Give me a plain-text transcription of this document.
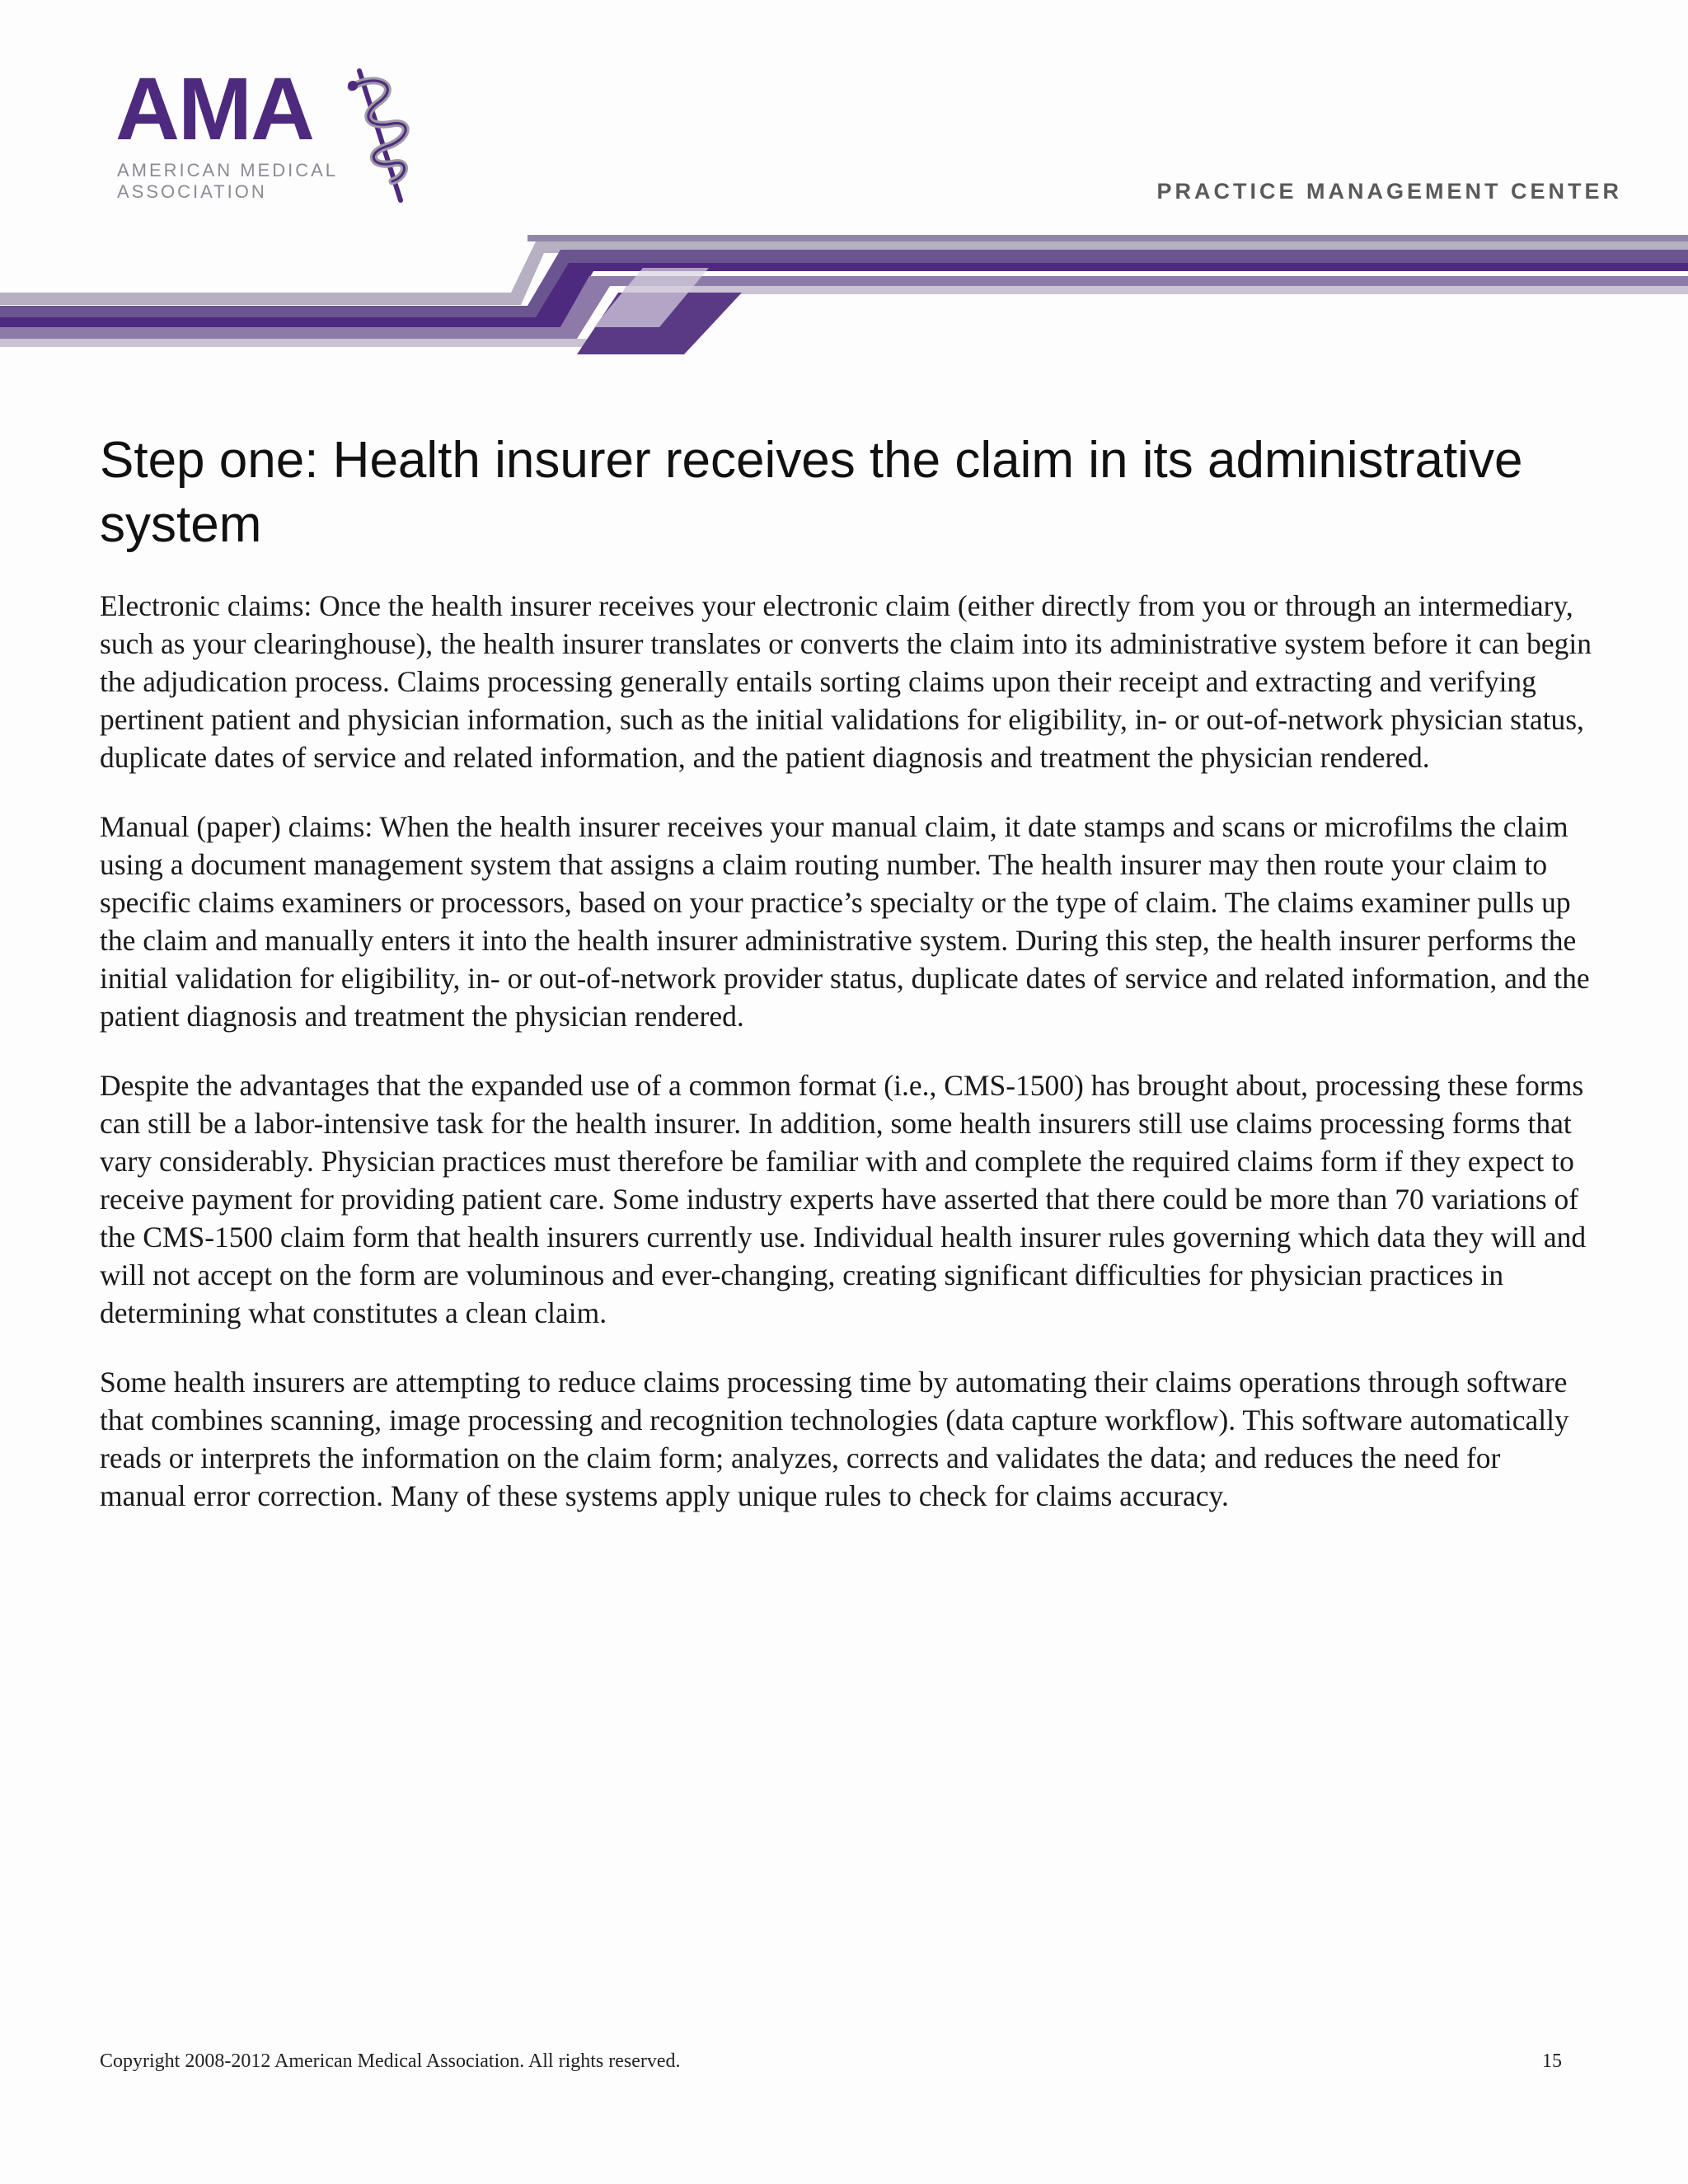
AMA
AMERICAN MEDICAL
ASSOCIATION	PRACTICE MANAGEMENT CENTER
Step one: Health insurer receives the claim in its administrative system

Electronic claims: Once the health insurer receives your electronic claim (either directly from you or through an intermediary, such as your clearinghouse), the health insurer translates or converts the claim into its administrative system before it can begin the adjudication process. Claims processing generally entails sorting claims upon their receipt and extracting and verifying pertinent patient and physician information, such as the initial validations for eligibility, in- or out-of-network physician status, duplicate dates of service and related information, and the patient diagnosis and treatment the physician rendered.

Manual (paper) claims: When the health insurer receives your manual claim, it date stamps and scans or microfilms the claim using a document management system that assigns a claim routing number. The health insurer may then route your claim to specific claims examiners or processors, based on your practice’s specialty or the type of claim. The claims examiner pulls up the claim and manually enters it into the health insurer administrative system. During this step, the health insurer performs the initial validation for eligibility, in- or out-of-network provider status, duplicate dates of service and related information, and the patient diagnosis and treatment the physician rendered.

Despite the advantages that the expanded use of a common format (i.e., CMS-1500) has brought about, processing these forms can still be a labor-intensive task for the health insurer. In addition, some health insurers still use claims processing forms that vary considerably. Physician practices must therefore be familiar with and complete the required claims form if they expect to receive payment for providing patient care. Some industry experts have asserted that there could be more than 70 variations of the CMS-1500 claim form that health insurers currently use. Individual health insurer rules governing which data they will and will not accept on the form are voluminous and ever-changing, creating significant difficulties for physician practices in determining what constitutes a clean claim.

Some health insurers are attempting to reduce claims processing time by automating their claims operations through software that combines scanning, image processing and recognition technologies (data capture workflow). This software automatically reads or interprets the information on the claim form; analyzes, corrects and validates the data; and reduces the need for manual error correction. Many of these systems apply unique rules to check for claims accuracy.

Copyright 2008-2012 American Medical Association. All rights reserved.	15
